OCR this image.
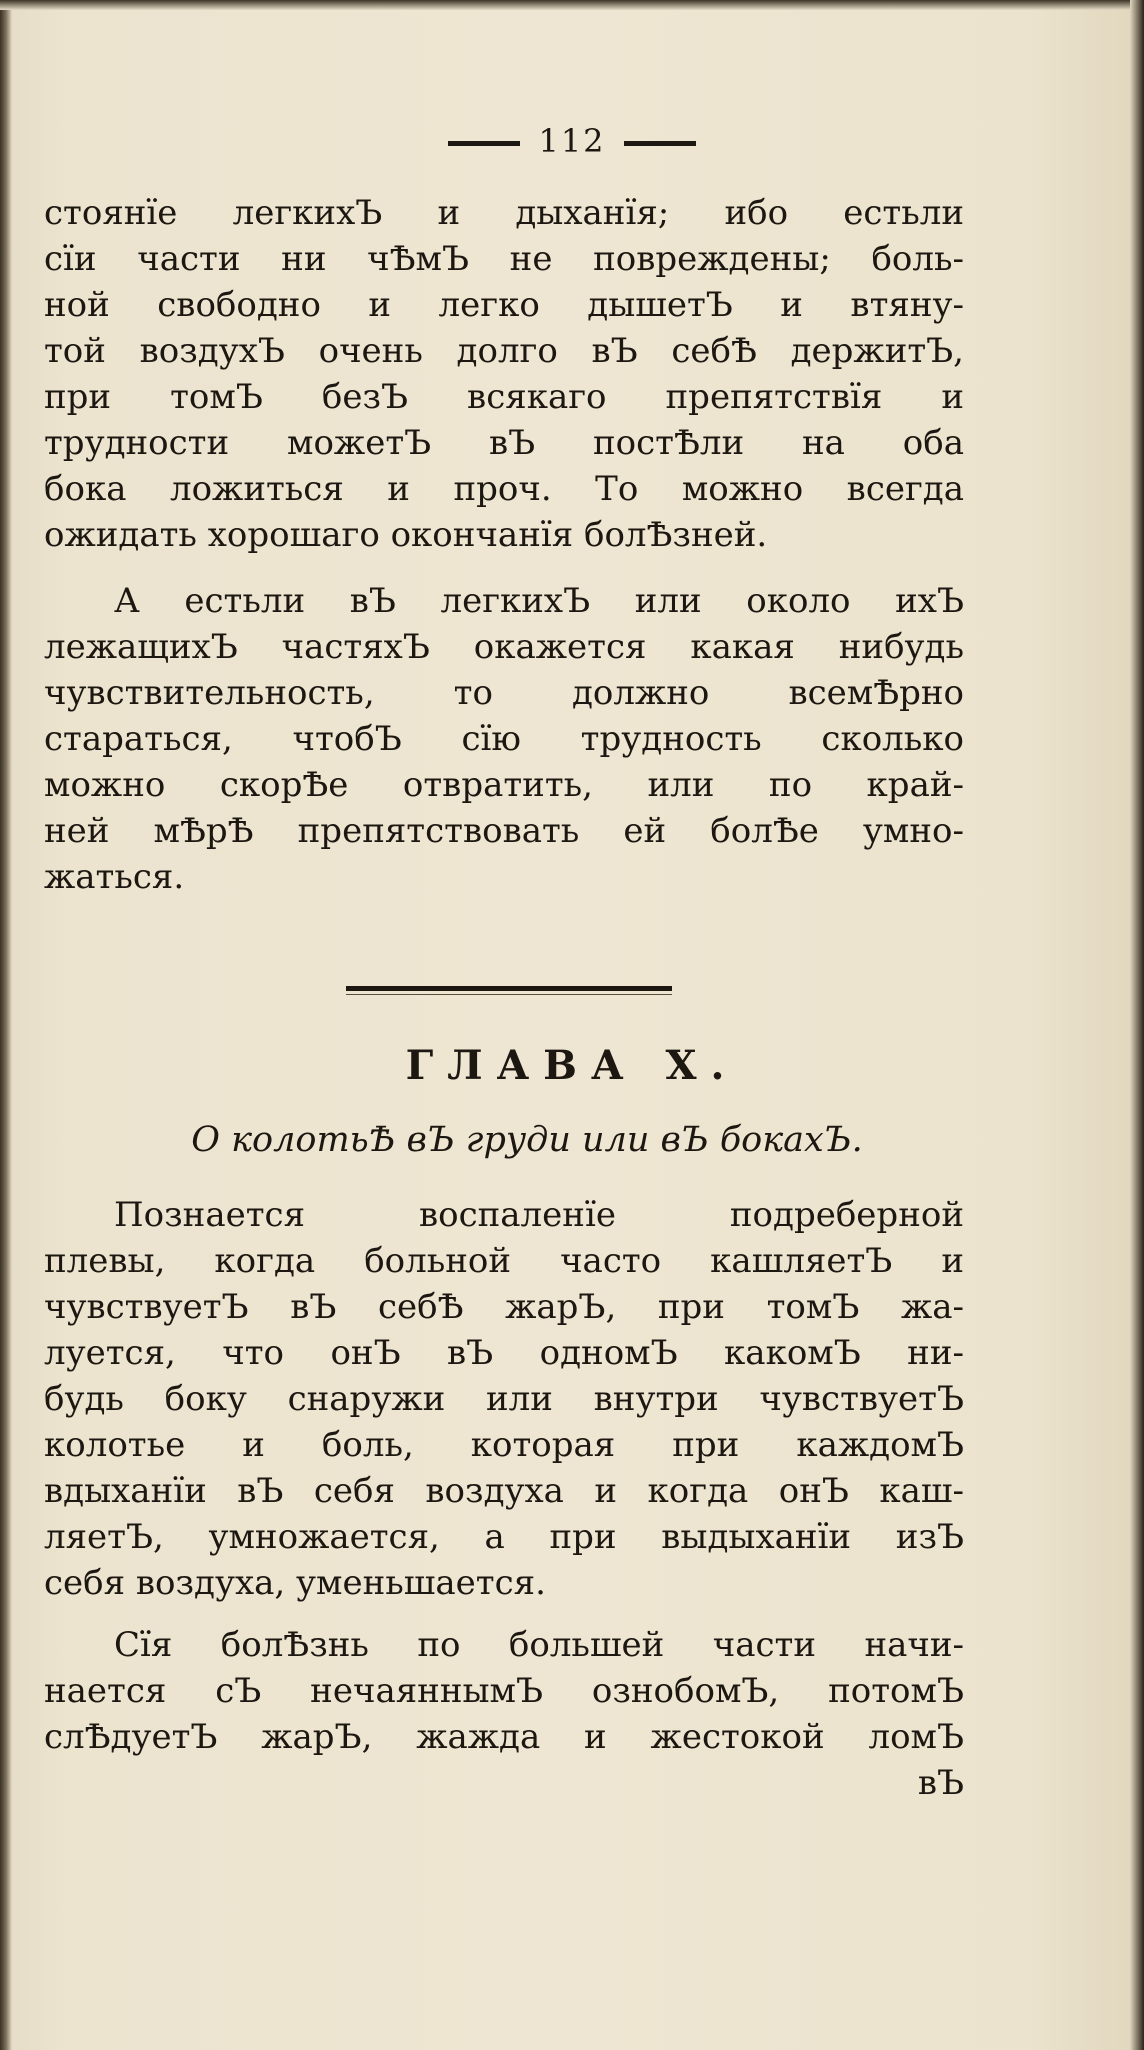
112
стоянїе легкихЪ и дыханїя; ибо естьли
сїи части ни чѢмЪ не повреждены; боль-
ной свободно и легко дышетЪ и втяну-
той воздухЪ очень долго вЪ себѢ держитЪ,
при томЪ безЪ всякаго препятствїя и
трудности можетЪ вЪ постѢли на оба
бока ложиться и проч. То можно всегда
ожидать хорошаго окончанїя болѢзней.
А естьли вЪ легкихЪ или около ихЪ
лежащихЪ частяхЪ окажется какая нибудь
чувствительность, то должно всемѢрно
стараться, чтобЪ сїю трудность сколько
можно скорѢе отвратить, или по край-
ней мѢрѢ препятствовать ей болѢе умно-
жаться.
ГЛАВА X.
О колотьѢ вЪ груди или вЪ бокахЪ.
Познается воспаленїе подреберной
плевы, когда больной часто кашляетЪ и
чувствуетЪ вЪ себѢ жарЪ, при томЪ жа-
луется, что онЪ вЪ одномЪ какомЪ ни-
будь боку снаружи или внутри чувствуетЪ
колотье и боль, которая при каждомЪ
вдыханїи вЪ себя воздуха и когда онЪ каш-
ляетЪ, умножается, а при выдыханїи изЪ
себя воздуха, уменьшается.
Сїя болѢзнь по большей части начи-
нается сЪ нечаяннымЪ ознобомЪ, потомЪ
слѢдуетЪ жарЪ, жажда и жестокой ломЪ
вЪ
